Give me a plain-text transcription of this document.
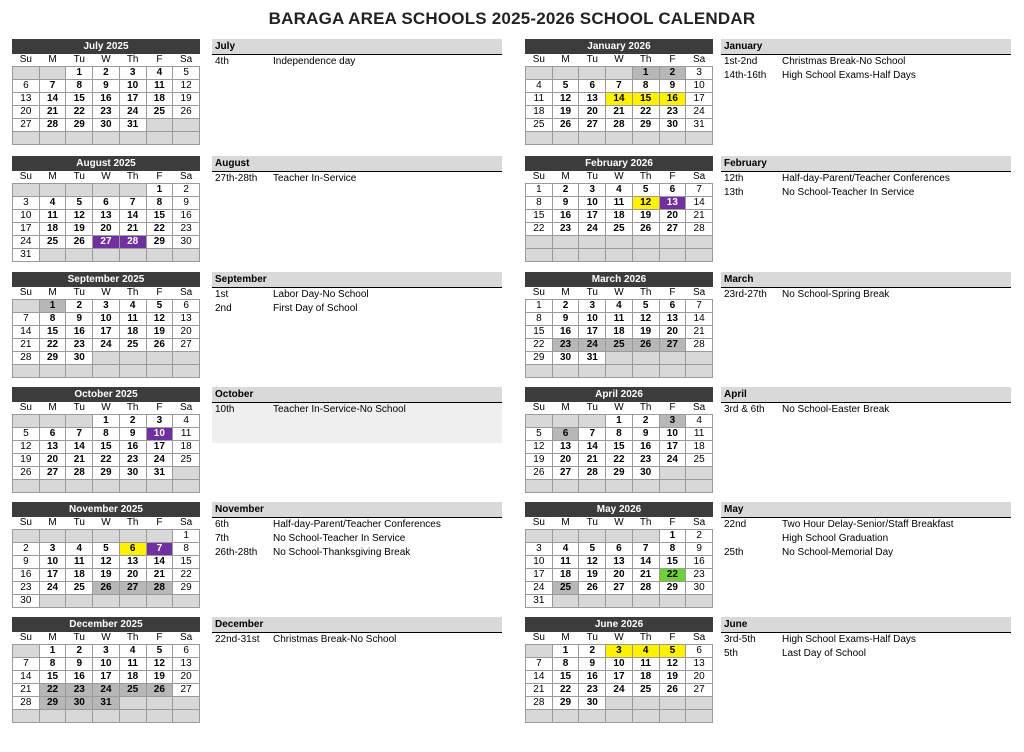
BARAGA AREA SCHOOLS 2025-2026 SCHOOL CALENDAR
July 2025
Su	M	Tu	W	Th	F	Sa
		1	2	3	4	5
6	7	8	9	10	11	12
13	14	15	16	17	18	19
20	21	22	23	24	25	26
27	28	29	30	31		

July
4th	Independence day
August 2025
Su	M	Tu	W	Th	F	Sa
					1	2
3	4	5	6	7	8	9
10	11	12	13	14	15	16
17	18	19	20	21	22	23
24	25	26	27	28	29	30
31						
August
27th-28th Teacher In-Service
September 2025
Su	M	Tu	W	Th	F	Sa
	1	2	3	4	5	6
7	8	9	10	11	12	13
14	15	16	17	18	19	20
21	22	23	24	25	26	27
28	29	30				

September
1st	Labor Day-No School
2nd	First Day of School
October 2025
Su	M	Tu	W	Th	F	Sa
			1	2	3	4
5	6	7	8	9	10	11
12	13	14	15	16	17	18
19	20	21	22	23	24	25
26	27	28	29	30	31	

October
10th	Teacher In-Service-No School
November 2025
Su	M	Tu	W	Th	F	Sa
						1
2	3	4	5	6	7	8
9	10	11	12	13	14	15
16	17	18	19	20	21	22
23	24	25	26	27	28	29
30						
November
6th	Half-day-Parent/Teacher Conferences
7th	No School-Teacher In Service
26th-28th No School-Thanksgiving Break
December 2025
Su	M	Tu	W	Th	F	Sa
	1	2	3	4	5	6
7	8	9	10	11	12	13
14	15	16	17	18	19	20
21	22	23	24	25	26	27
28	29	30	31			

December
22nd-31st Christmas Break-No School
January 2026
Su	M	Tu	W	Th	F	Sa
				1	2	3
4	5	6	7	8	9	10
11	12	13	14	15	16	17
18	19	20	21	22	23	24
25	26	27	28	29	30	31

January
1st-2nd Christmas Break-No School
14th-16th High School Exams-Half Days
February 2026
Su	M	Tu	W	Th	F	Sa
1	2	3	4	5	6	7
8	9	10	11	12	13	14
15	16	17	18	19	20	21
22	23	24	25	26	27	28

February
12th	Half-day-Parent/Teacher Conferences
13th	No School-Teacher In Service
March 2026
Su	M	Tu	W	Th	F	Sa
1	2	3	4	5	6	7
8	9	10	11	12	13	14
15	16	17	18	19	20	21
22	23	24	25	26	27	28
29	30	31				

March
23rd-27th No School-Spring Break
April 2026
Su	M	Tu	W	Th	F	Sa
			1	2	3	4
5	6	7	8	9	10	11
12	13	14	15	16	17	18
19	20	21	22	23	24	25
26	27	28	29	30		

April
3rd & 6th No School-Easter Break
May 2026
Su	M	Tu	W	Th	F	Sa
					1	2
3	4	5	6	7	8	9
10	11	12	13	14	15	16
17	18	19	20	21	22	23
24	25	26	27	28	29	30
31						
May
22nd	Two Hour Delay-Senior/Staff Breakfast
High School Graduation
25th	No School-Memorial Day
June 2026
Su	M	Tu	W	Th	F	Sa
	1	2	3	4	5	6
7	8	9	10	11	12	13
14	15	16	17	18	19	20
21	22	23	24	25	26	27
28	29	30				

June
3rd-5th	High School Exams-Half Days
5th	Last Day of School
